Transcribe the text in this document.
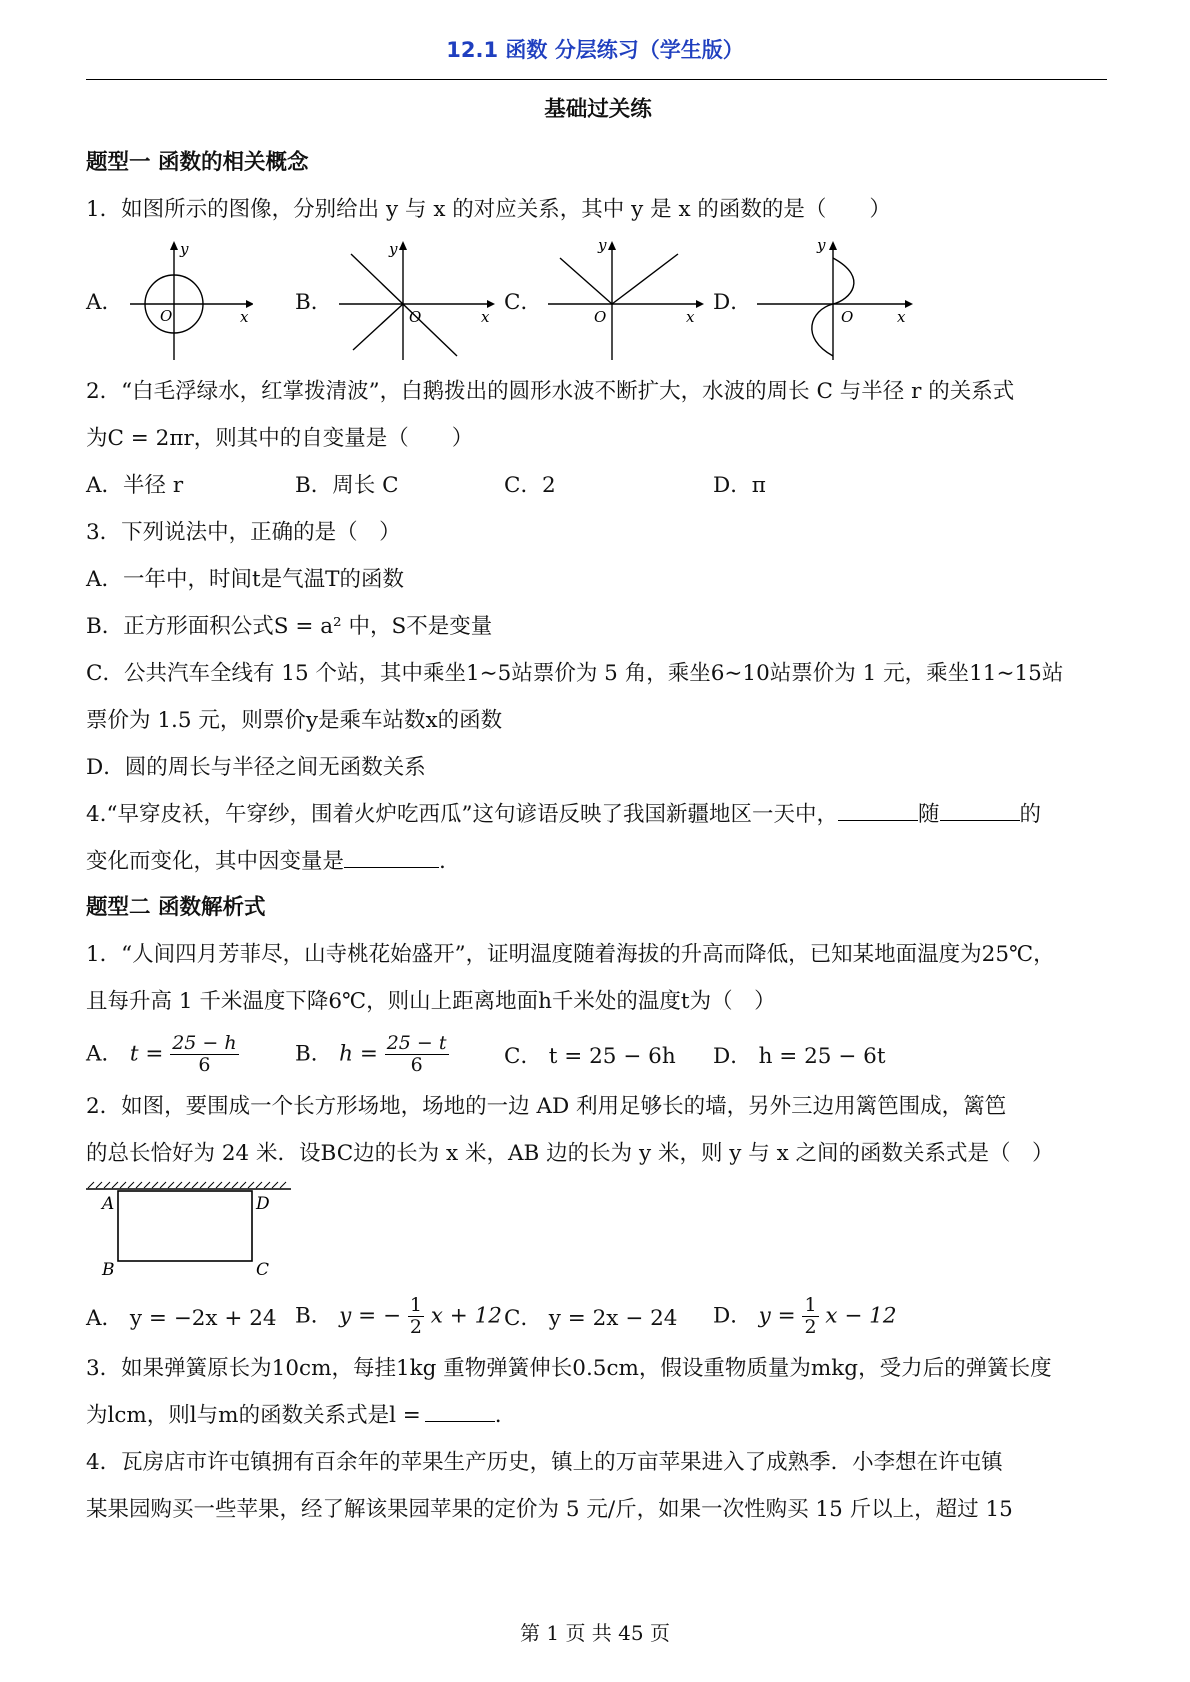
12.1 函数 分层练习（学生版）
基础过关练
题型一 函数的相关概念
1．如图所示的图像，分别给出 y 与 x 的对应关系，其中 y 是 x 的函数的是（　　）
A．
y
x
O
B．
y
x
O
C．
y
x
O
D．
y
x
O
2．“白毛浮绿水，红掌拨清波”，白鹅拨出的圆形水波不断扩大，水波的周长 C 与半径 r 的关系式
为C = 2πr，则其中的自变量是（　　）
A．半径 r	B．周长 C	C．2	D．π
3．下列说法中，正确的是（　）
A．一年中，时间t是气温T的函数
B．正方形面积公式S = a² 中，S不是变量
C．公共汽车全线有 15 个站，其中乘坐1∼5站票价为 5 角，乘坐6∼10站票价为 1 元，乘坐11∼15站
票价为 1.5 元，则票价y是乘车站数x的函数
D．圆的周长与半径之间无函数关系
4.“早穿皮袄，午穿纱，围着火炉吃西瓜”这句谚语反映了我国新疆地区一天中，	随	的
变化而变化，其中因变量是	.
题型二 函数解析式
1．“人间四月芳菲尽，山寺桃花始盛开”，证明温度随着海拔的升高而降低，已知某地面温度为25℃，
且每升高 1 千米温度下降6℃，则山上距离地面h千米处的温度t为（　）
A． $t = \frac{25 - h}{6}$	B． $h = \frac{25 - t}{6}$	C． t = 25 − 6h	D． h = 25 − 6t
2．如图，要围成一个长方形场地，场地的一边 AD 利用足够长的墙，另外三边用篱笆围成，篱笆
的总长恰好为 24 米．设BC边的长为 x 米，AB 边的长为 y 米，则 y 与 x 之间的函数关系式是（　）
A	D
B	C
A． y = −2x + 24 B． y = − $\frac{1}{2}$ x + 12 C． y = 2x − 24	D． $y = \frac{1}{2}$ x − 12
3．如果弹簧原长为10cm，每挂1kg 重物弹簧伸长0.5cm，假设重物质量为mkg，受力后的弹簧长度
为lcm，则l与m的函数关系式是l =	.
4．瓦房店市许屯镇拥有百余年的苹果生产历史，镇上的万亩苹果进入了成熟季．小李想在许屯镇
某果园购买一些苹果，经了解该果园苹果的定价为 5 元/斤，如果一次性购买 15 斤以上，超过 15
第 1 页 共 45 页
